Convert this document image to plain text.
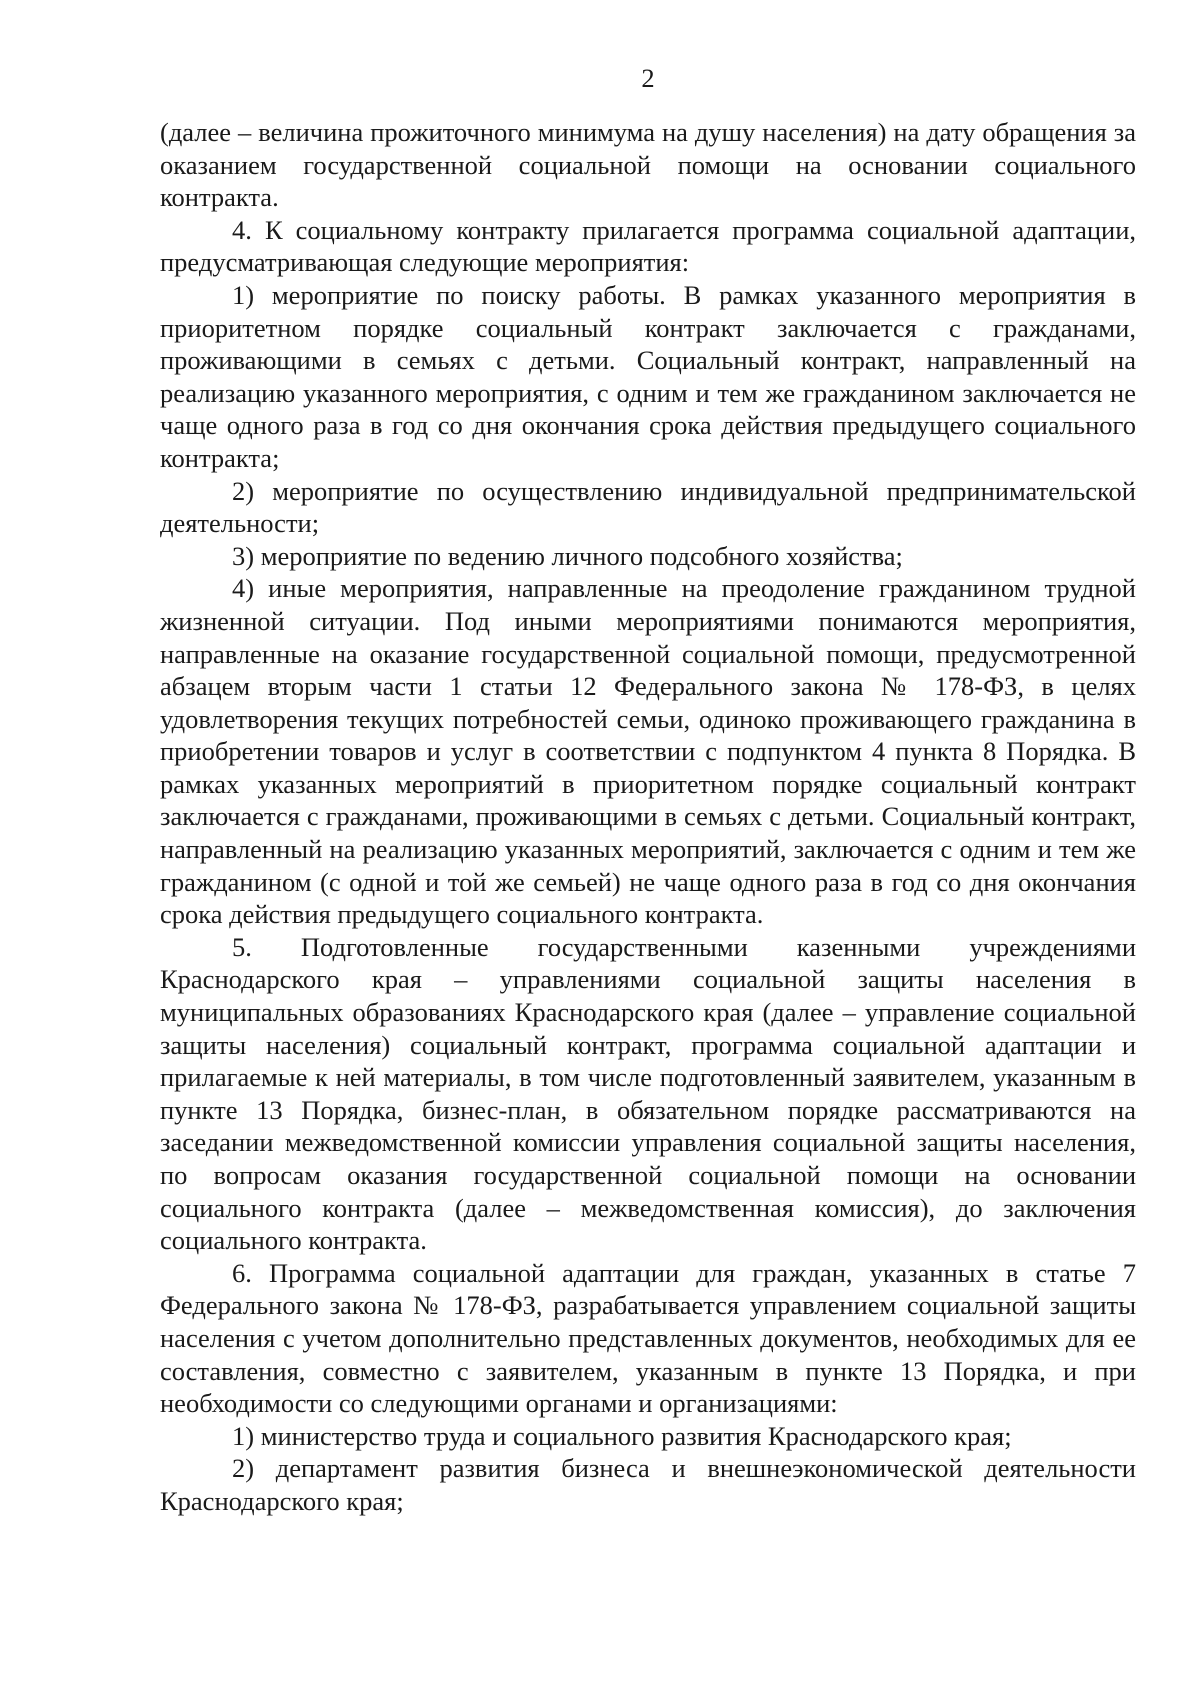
2

(далее – величина прожиточного минимума на душу населения) на дату обращения за оказанием государственной социальной помощи на основании социального контракта.

4. К социальному контракту прилагается программа социальной адаптации, предусматривающая следующие мероприятия:

1) мероприятие по поиску работы. В рамках указанного мероприятия в приоритетном порядке социальный контракт заключается с гражданами, проживающими в семьях с детьми. Социальный контракт, направленный на реализацию указанного мероприятия, с одним и тем же гражданином заключается не чаще одного раза в год со дня окончания срока действия предыдущего социального контракта;

2) мероприятие по осуществлению индивидуальной предпринимательской деятельности;

3) мероприятие по ведению личного подсобного хозяйства;

4) иные мероприятия, направленные на преодоление гражданином трудной жизненной ситуации. Под иными мероприятиями понимаются мероприятия, направленные на оказание государственной социальной помощи, предусмотренной абзацем вторым части 1 статьи 12 Федерального закона № 178-ФЗ, в целях удовлетворения текущих потребностей семьи, одиноко проживающего гражданина в приобретении товаров и услуг в соответствии с подпунктом 4 пункта 8 Порядка. В рамках указанных мероприятий в приоритетном порядке социальный контракт заключается с гражданами, проживающими в семьях с детьми. Социальный контракт, направленный на реализацию указанных мероприятий, заключается с одним и тем же гражданином (с одной и той же семьей) не чаще одного раза в год со дня окончания срока действия предыдущего социального контракта.

5. Подготовленные государственными казенными учреждениями Краснодарского края – управлениями социальной защиты населения в муниципальных образованиях Краснодарского края (далее – управление социальной защиты населения) социальный контракт, программа социальной адаптации и прилагаемые к ней материалы, в том числе подготовленный заявителем, указанным в пункте 13 Порядка, бизнес-план, в обязательном порядке рассматриваются на заседании межведомственной комиссии управления социальной защиты населения, по вопросам оказания государственной социальной помощи на основании социального контракта (далее – межведомственная комиссия), до заключения социального контракта.

6. Программа социальной адаптации для граждан, указанных в статье 7 Федерального закона № 178-ФЗ, разрабатывается управлением социальной защиты населения с учетом дополнительно представленных документов, необходимых для ее составления, совместно с заявителем, указанным в пункте 13 Порядка, и при необходимости со следующими органами и организациями:

1) министерство труда и социального развития Краснодарского края;

2) департамент развития бизнеса и внешнеэкономической деятельности Краснодарского края;
